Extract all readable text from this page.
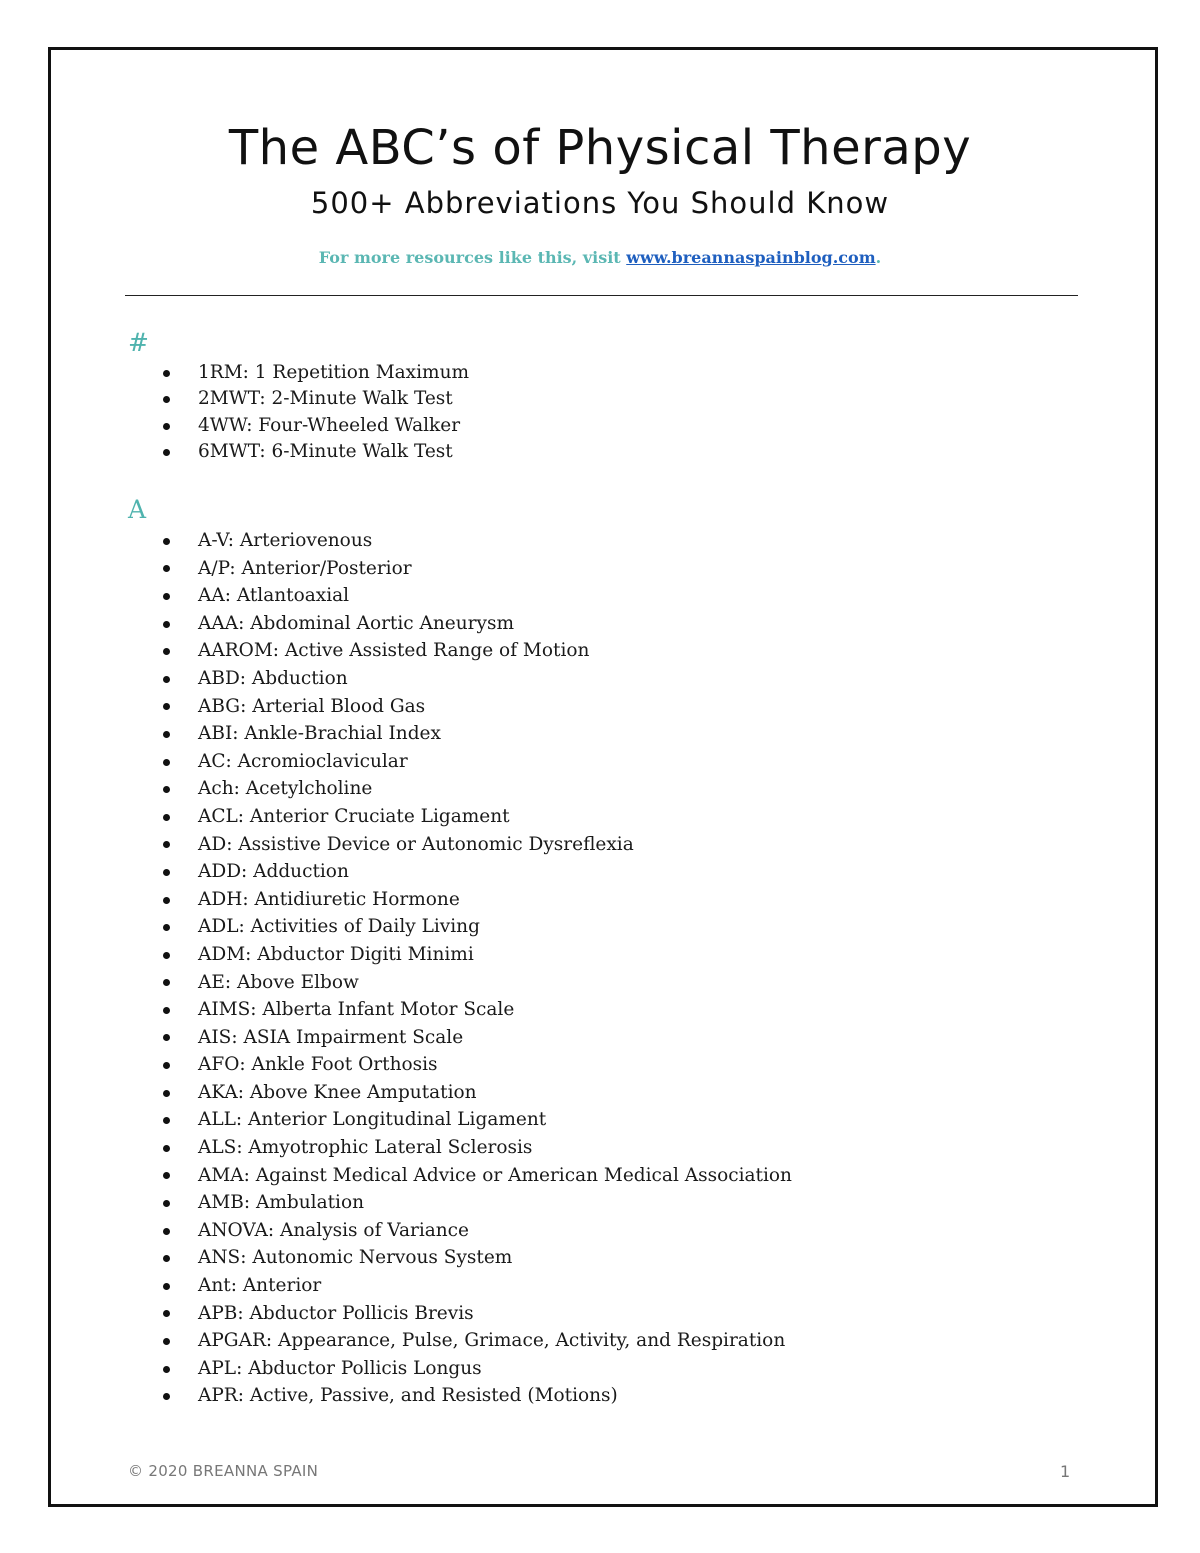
The ABC’s of Physical Therapy
500+ Abbreviations You Should Know
For more resources like this, visit www.breannaspainblog.com.
#
1RM: 1 Repetition Maximum
2MWT: 2-Minute Walk Test
4WW: Four-Wheeled Walker
6MWT: 6-Minute Walk Test
A
A-V: Arteriovenous
A/P: Anterior/Posterior
AA: Atlantoaxial
AAA: Abdominal Aortic Aneurysm
AAROM: Active Assisted Range of Motion
ABD: Abduction
ABG: Arterial Blood Gas
ABI: Ankle-Brachial Index
AC: Acromioclavicular
Ach: Acetylcholine
ACL: Anterior Cruciate Ligament
AD: Assistive Device or Autonomic Dysreflexia
ADD: Adduction
ADH: Antidiuretic Hormone
ADL: Activities of Daily Living
ADM: Abductor Digiti Minimi
AE: Above Elbow
AIMS: Alberta Infant Motor Scale
AIS: ASIA Impairment Scale
AFO: Ankle Foot Orthosis
AKA: Above Knee Amputation
ALL: Anterior Longitudinal Ligament
ALS: Amyotrophic Lateral Sclerosis
AMA: Against Medical Advice or American Medical Association
AMB: Ambulation
ANOVA: Analysis of Variance
ANS: Autonomic Nervous System
Ant: Anterior
APB: Abductor Pollicis Brevis
APGAR: Appearance, Pulse, Grimace, Activity, and Respiration
APL: Abductor Pollicis Longus
APR: Active, Passive, and Resisted (Motions)
© 2020 BREANNA SPAIN	1
